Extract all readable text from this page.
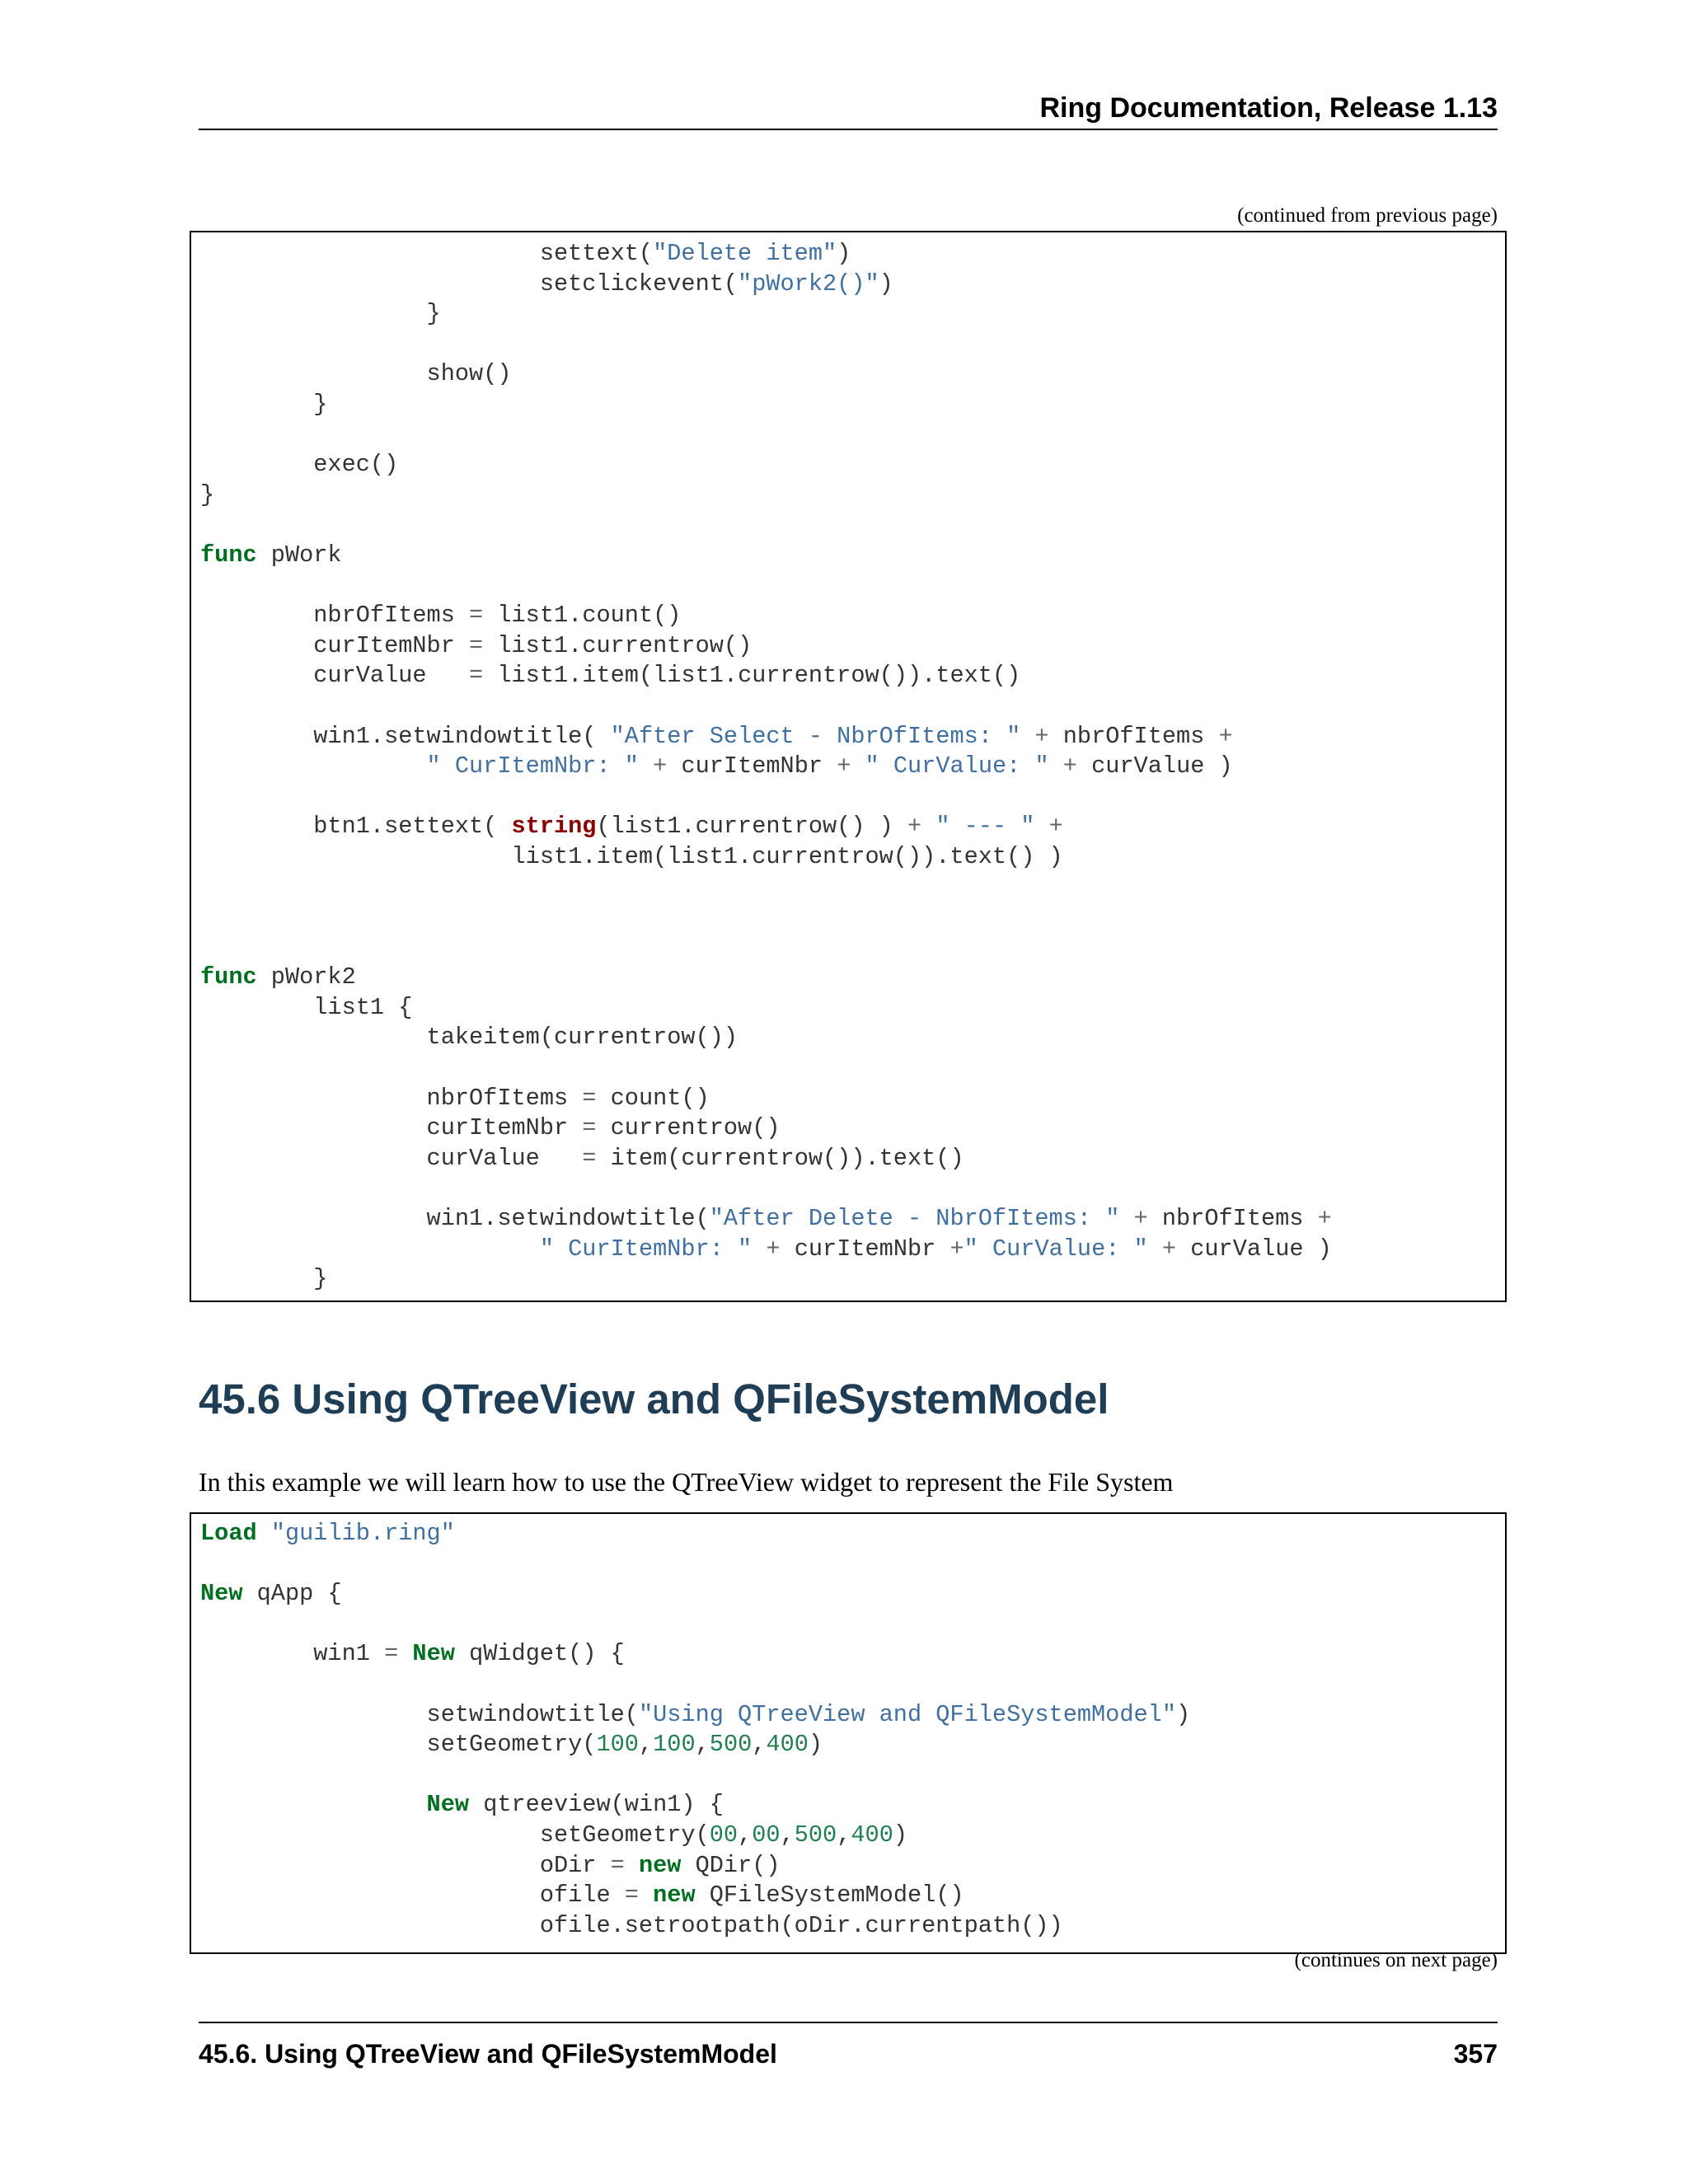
Ring Documentation, Release 1.13
(continued from previous page)
settext("Delete item")
setclickevent("pWork2()")
}

show()
}

exec()
}

func pWork

nbrOfItems = list1.count()
curItemNbr = list1.currentrow()
curValue   = list1.item(list1.currentrow()).text()

win1.setwindowtitle( "After Select - NbrOfItems: " + nbrOfItems +
" CurItemNbr: " + curItemNbr + " CurValue: " + curValue )

btn1.settext( string(list1.currentrow() ) + " --- " +
list1.item(list1.currentrow()).text() )

func pWork2
list1 {
takeitem(currentrow())

nbrOfItems = count()
curItemNbr = currentrow()
curValue   = item(currentrow()).text()

win1.setwindowtitle("After Delete - NbrOfItems: " + nbrOfItems +
" CurItemNbr: " + curItemNbr +" CurValue: " + curValue )
}

45.6 Using QTreeView and QFileSystemModel

In this example we will learn how to use the QTreeView widget to represent the File System

Load "guilib.ring"

New qApp {

win1 = New qWidget() {

setwindowtitle("Using QTreeView and QFileSystemModel")
setGeometry(100,100,500,400)

New qtreeview(win1) {
setGeometry(00,00,500,400)
oDir = new QDir()
ofile = new QFileSystemModel()
ofile.setrootpath(oDir.currentpath())

(continues on next page)
45.6. Using QTreeView and QFileSystemModel	357
